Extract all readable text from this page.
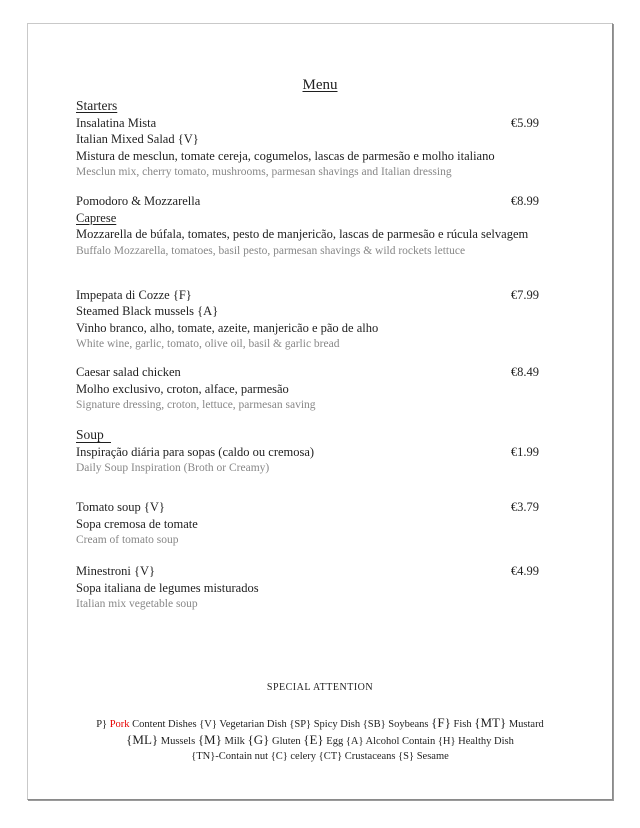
Menu
Starters
Insalatina Mista	€5.99
Italian Mixed Salad {V}
Mistura de mesclun, tomate cereja, cogumelos, lascas de parmesão e molho italiano
Mesclun mix, cherry tomato, mushrooms, parmesan shavings and Italian dressing
Pomodoro & Mozzarella	€8.99
Caprese
Mozzarella de búfala, tomates, pesto de manjericão, lascas de parmesão e rúcula selvagem
Buffalo Mozzarella, tomatoes, basil pesto, parmesan shavings & wild rockets lettuce
Impepata di Cozze {F}	€7.99
Steamed Black mussels {A}
Vinho branco, alho, tomate, azeite, manjericão e pão de alho
White wine, garlic, tomato, olive oil, basil & garlic bread
Caesar salad chicken	€8.49
Molho exclusivo, croton, alface, parmesão
Signature dressing, croton, lettuce, parmesan saving
Soup
Inspiração diária para sopas (caldo ou cremosa)	€1.99
Daily Soup Inspiration (Broth or Creamy)
Tomato soup {V}	€3.79
Sopa cremosa de tomate
Cream of tomato soup
Minestroni {V}	€4.99
Sopa italiana de legumes misturados
Italian mix vegetable soup
SPECIAL ATTENTION
P} Pork Content Dishes {V} Vegetarian Dish {SP} Spicy Dish {SB} Soybeans {F} Fish {MT} Mustard
{ML} Mussels {M} Milk {G} Gluten {E} Egg {A} Alcohol Contain {H} Healthy Dish
{TN}-Contain nut {C} celery {CT} Crustaceans {S} Sesame
